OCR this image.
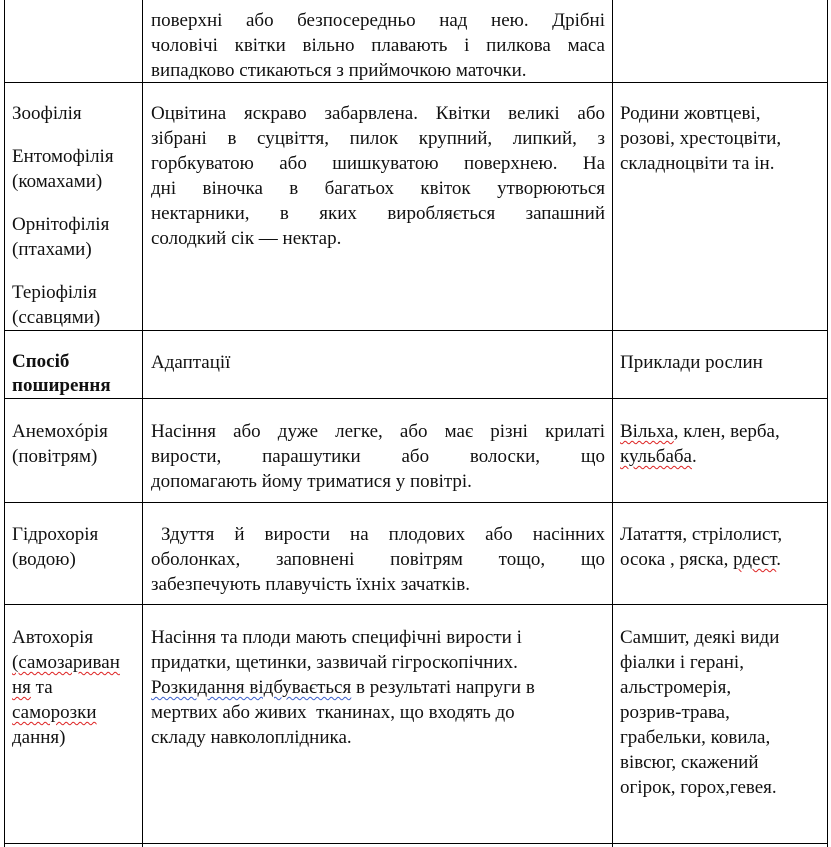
поверхні або безпосередньо над нею. Дрібні
чоловічі квітки вільно плавають і пилкова маса
випадково стикаються з приймочкою маточки.
Зоофілія
Ентомофілія (комахами)
Орнітофілія (птахами)
Теріофілія (ссавцями)
Оцвітина яскраво забарвлена. Квітки великі або
зібрані в суцвіття, пилок крупний, липкий, з
горбкуватою або шишкуватою поверхнею. На
дні віночка в багатьох квіток утворюються
нектарники, в яких виробляється запашний
солодкий сік — нектар.
Родини жовтцеві, розові, хрестоцвіти, складноцвіти та ін.
Спосіб
поширення
Адаптації	Приклади рослин
Анемохóрія
(повітрям)
Насіння або дуже легке, або має різні крилаті
вирости, парашутики або волоски, що
допомагають йому триматися у повітрі.
Вільха, клен, верба,
кульбаба.
Гідрохорія
(водою)
Здуття  й  вирости  на  плодових  або  насінних
оболонках, заповнені повітрям тощо, що
забезпечують плавучість їхніх зачатків.
Латаття, стрілолист,
осока , ряска, рдест.
Автохорія
(самозариван
ня та
саморозки
дання)
Насіння та плоди мають специфічні вирости і
придатки, щетинки, зазвичай гігроскопічних.
Розкидання відбувається в результаті напруги в
мертвих або живих  тканинах, що входять до
складу навколоплідника.
Самшит, деякі види
фіалки і герані,
альстромерія,
розрив-трава,
грабельки, ковила,
вівсюг, скажений
огірок, горох,гевея.
